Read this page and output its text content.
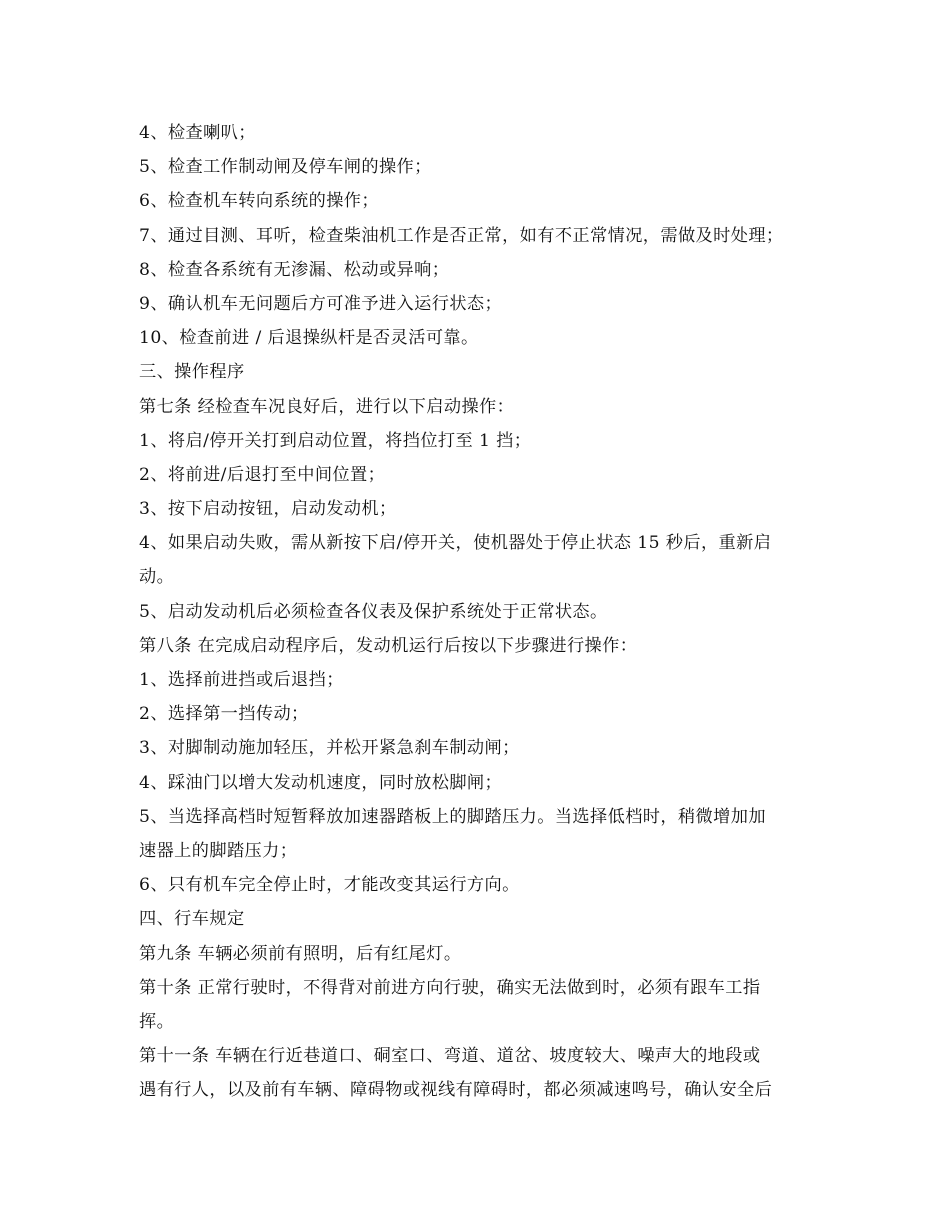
4、检查喇叭；
5、检查工作制动闸及停车闸的操作；
6、检查机车转向系统的操作；
7、通过目测、耳听，检查柴油机工作是否正常，如有不正常情况，需做及时处理；
8、检查各系统有无渗漏、松动或异响；
9、确认机车无问题后方可准予进入运行状态；
10、检查前进 / 后退操纵杆是否灵活可靠。
三、操作程序
第七条 经检查车况良好后，进行以下启动操作：
1、将启/停开关打到启动位置，将挡位打至 1 挡；
2、将前进/后退打至中间位置；
3、按下启动按钮，启动发动机；
4、如果启动失败，需从新按下启/停开关，使机器处于停止状态 15 秒后，重新启
动。
5、启动发动机后必须检查各仪表及保护系统处于正常状态。
第八条 在完成启动程序后，发动机运行后按以下步骤进行操作：
1、选择前进挡或后退挡；
2、选择第一挡传动；
3、对脚制动施加轻压，并松开紧急刹车制动闸；
4、踩油门以增大发动机速度，同时放松脚闸；
5、当选择高档时短暂释放加速器踏板上的脚踏压力。当选择低档时，稍微增加加
速器上的脚踏压力；
6、只有机车完全停止时，才能改变其运行方向。
四、行车规定
第九条 车辆必须前有照明，后有红尾灯。
第十条 正常行驶时，不得背对前进方向行驶，确实无法做到时，必须有跟车工指
挥。
第十一条 车辆在行近巷道口、硐室口、弯道、道岔、坡度较大、噪声大的地段或
遇有行人，以及前有车辆、障碍物或视线有障碍时，都必须减速鸣号，确认安全后
